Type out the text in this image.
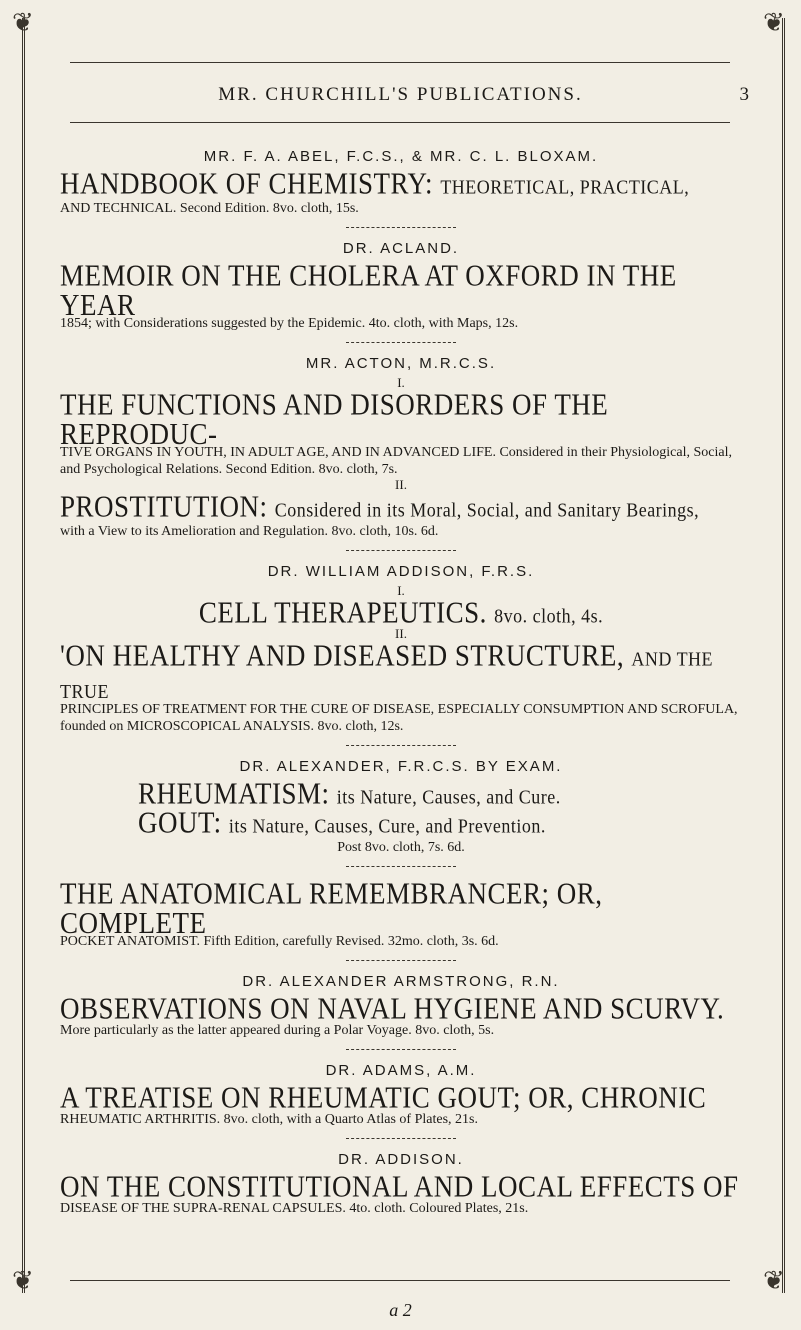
❦	❦
❦	❦
MR. CHURCHILL'S PUBLICATIONS.	3
MR. F. A. ABEL, F.C.S., & MR. C. L. BLOXAM.
HANDBOOK OF CHEMISTRY: THEORETICAL, PRACTICAL,
AND TECHNICAL. Second Edition. 8vo. cloth, 15s.
DR. ACLAND.
MEMOIR ON THE CHOLERA AT OXFORD IN THE YEAR
1854; with Considerations suggested by the Epidemic. 4to. cloth, with Maps, 12s.
MR. ACTON, M.R.C.S.
I.
THE FUNCTIONS AND DISORDERS OF THE REPRODUC-
TIVE ORGANS IN YOUTH, IN ADULT AGE, AND IN ADVANCED LIFE. Considered in their Physiological, Social, and Psychological Relations. Second Edition. 8vo. cloth, 7s.
II.
PROSTITUTION: Considered in its Moral, Social, and Sanitary Bearings,
with a View to its Amelioration and Regulation. 8vo. cloth, 10s. 6d.
DR. WILLIAM ADDISON, F.R.S.
I.
CELL THERAPEUTICS. 8vo. cloth, 4s.
II.
'ON HEALTHY AND DISEASED STRUCTURE, AND THE TRUE
PRINCIPLES OF TREATMENT FOR THE CURE OF DISEASE, ESPECIALLY CONSUMPTION AND SCROFULA, founded on MICROSCOPICAL ANALYSIS. 8vo. cloth, 12s.
DR. ALEXANDER, F.R.C.S. BY EXAM.
RHEUMATISM: its Nature, Causes, and Cure.
GOUT: its Nature, Causes, Cure, and Prevention.
Post 8vo. cloth, 7s. 6d.
THE ANATOMICAL REMEMBRANCER; OR, COMPLETE
POCKET ANATOMIST. Fifth Edition, carefully Revised. 32mo. cloth, 3s. 6d.
DR. ALEXANDER ARMSTRONG, R.N.
OBSERVATIONS ON NAVAL HYGIENE AND SCURVY.
More particularly as the latter appeared during a Polar Voyage. 8vo. cloth, 5s.
DR. ADAMS, A.M.
A TREATISE ON RHEUMATIC GOUT; OR, CHRONIC
RHEUMATIC ARTHRITIS. 8vo. cloth, with a Quarto Atlas of Plates, 21s.
DR. ADDISON.
ON THE CONSTITUTIONAL AND LOCAL EFFECTS OF
DISEASE OF THE SUPRA-RENAL CAPSULES. 4to. cloth. Coloured Plates, 21s.
a 2
